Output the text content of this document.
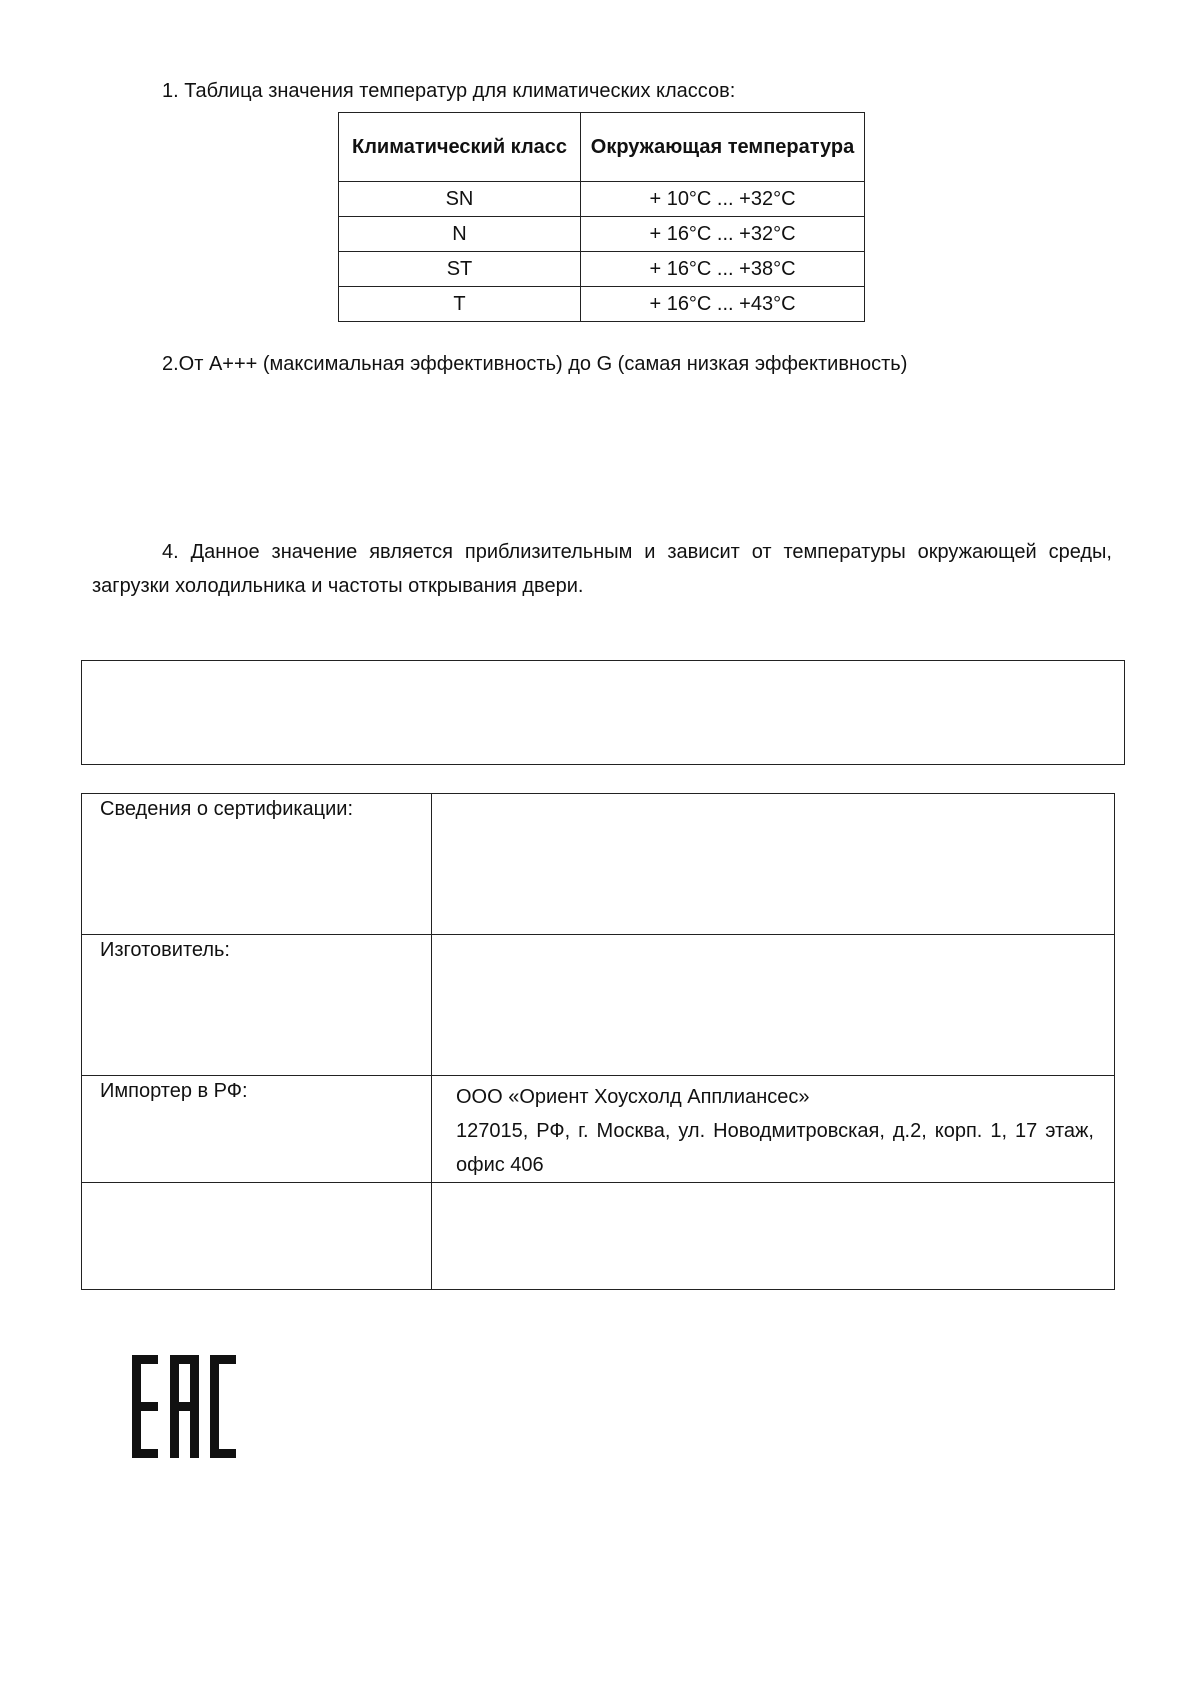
1. Таблица значения температур для климатических классов:
Климатический класс	Окружающая температура
SN	+ 10°C ... +32°C
N	+ 16°C ... +32°C
ST	+ 16°C ... +38°C
T	+ 16°C ... +43°C
2.От А+++ (максимальная эффективность) до G (самая низкая эффективность)
4. Данное значение является приблизительным и зависит от температуры окружающей среды, загрузки холодильника и частоты открывания двери.
Сведения о сертификации:	
Изготовитель:	
Импортер в РФ:	ООО «Ориент Хоусхолд Апплиансес»

127015, РФ, г. Москва, ул. Новодмитровская, д.2, корп. 1, 17 этаж, офис 406
